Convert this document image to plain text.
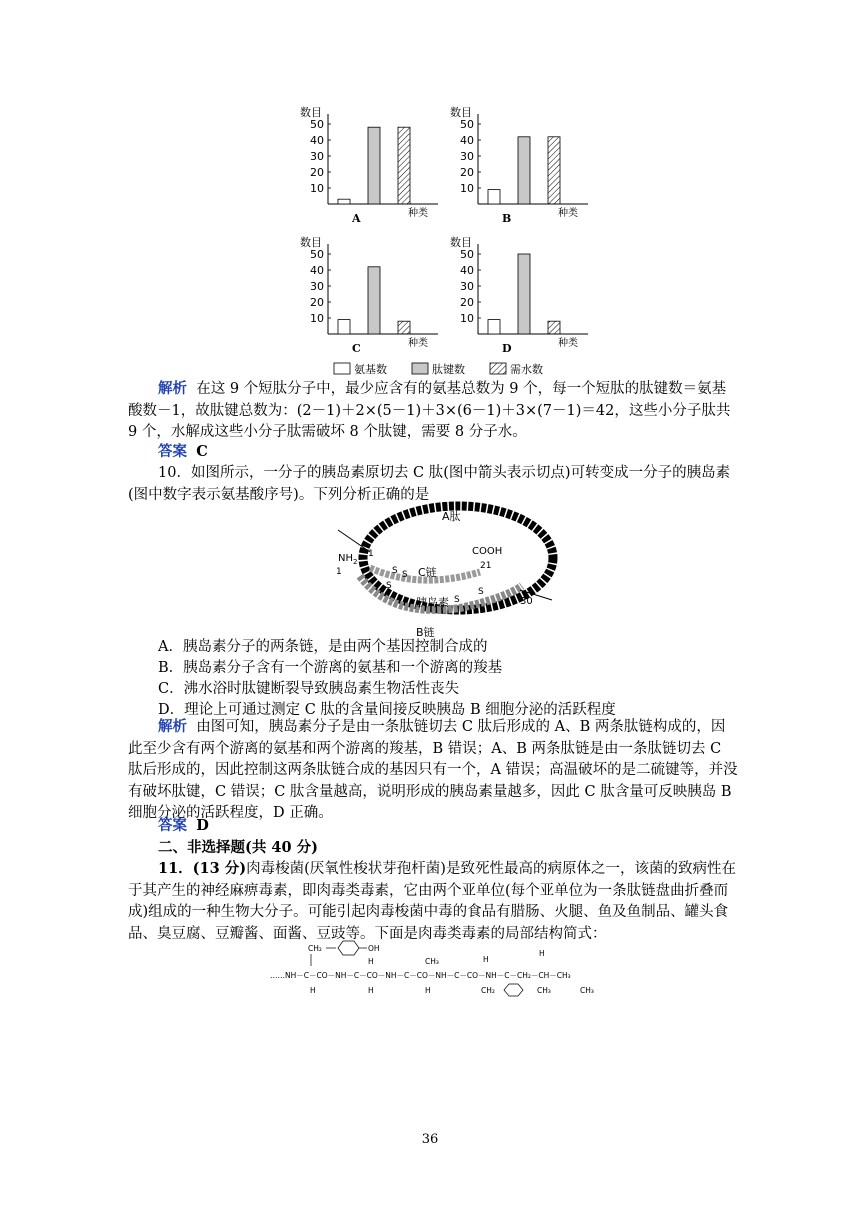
数目
种类
10
20
30
40
50
A
数目
种类
10
20
30
40
50
B
数目
种类
10
20
30
40
50
C
数目
种类
10
20
30
40
50
D
氨基数	肽键数	需水数
解析 在这 9 个短肽分子中，最少应含有的氨基总数为 9 个，每一个短肽的肽键数＝氨基酸数－1，故肽键总数为：(2－1)＋2×(5－1)＋3×(6－1)＋3×(7－1)＝42，这些小分子肽共 9 个，水解成这些小分子肽需破坏 8 个肽键，需要 8 分子水。
答案 C
10．如图所示，一分子的胰岛素原切去 C 肽(图中箭头表示切点)可转变成一分子的胰岛素(图中数字表示氨基酸序号)。下列分析正确的是
A肽
$NH_2$
1
1
COOH
21
C链
S S
S
S
S
胰岛素	30
B链
A．胰岛素分子的两条链，是由两个基因控制合成的
B．胰岛素分子含有一个游离的氨基和一个游离的羧基
C．沸水浴时肽键断裂导致胰岛素生物活性丧失
D．理论上可通过测定 C 肽的含量间接反映胰岛 B 细胞分泌的活跃程度
解析 由图可知，胰岛素分子是由一条肽链切去 C 肽后形成的 A、B 两条肽链构成的，因此至少含有两个游离的氨基和两个游离的羧基，B 错误；A、B 两条肽链是由一条肽链切去 C 肽后形成的，因此控制这两条肽链合成的基因只有一个，A 错误；高温破坏的是二硫键等，并没有破坏肽键，C 错误；C 肽含量越高，说明形成的胰岛素量越多，因此 C 肽含量可反映胰岛 B 细胞分泌的活跃程度，D 正确。
答案 D
二、非选择题(共 40 分)
11．(13 分)肉毒梭菌(厌氧性梭状芽孢杆菌)是致死性最高的病原体之一，该菌的致病性在于其产生的神经麻痹毒素，即肉毒类毒素，它由两个亚单位(每个亚单位为一条肽链盘曲折叠而成)组成的一种生物大分子。可能引起肉毒梭菌中毒的食品有腊肠、火腿、鱼及鱼制品、罐头食品、臭豆腐、豆瓣酱、面酱、豆豉等。下面是肉毒类毒素的局部结构简式：
CH₂	OH
H	CH₃	H
H
……NH－C－CO－NH－C－CO－NH－C－CO－NH－C－CO－NH－C－CH₂－CH－CH₃
H	H	H	CH₂	CH₃	CH₃
36
